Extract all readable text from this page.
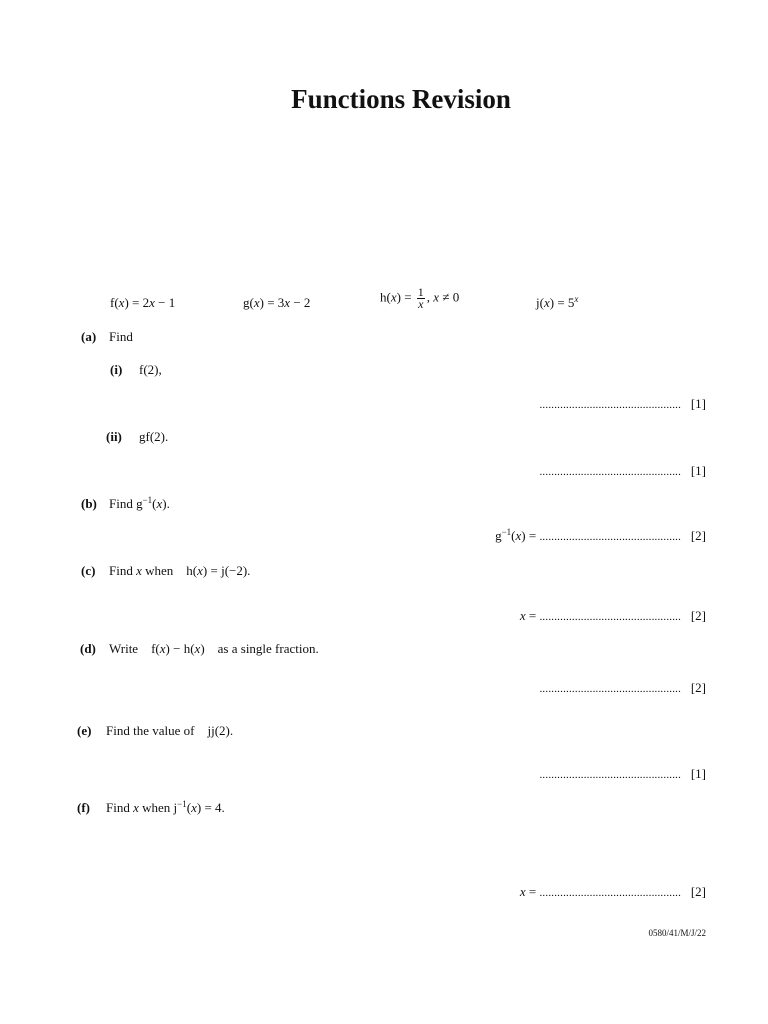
Functions Revision
f(x) = 2x − 1	g(x) = 3x − 2	$h(x) = \frac{1}{x}$ , x ≠ 0	$j(x) = 5^x$
(a) Find
(i) f(2),
................................................ [1]
(ii) gf(2).
................................................ [1]
(b) Find $g^{-1}(x)$.
$g^{-1}(x)$ = ................................................ [2]
(c) Find x when h(x) = j(−2).
x = ................................................ [2]
(d) Write f(x) − h(x) as a single fraction.
................................................ [2]
(e) Find the value of jj(2).
................................................ [1]
(f) Find x when $j^{-1}(x) = 4$.
x = ................................................ [2]
0580/41/M/J/22
